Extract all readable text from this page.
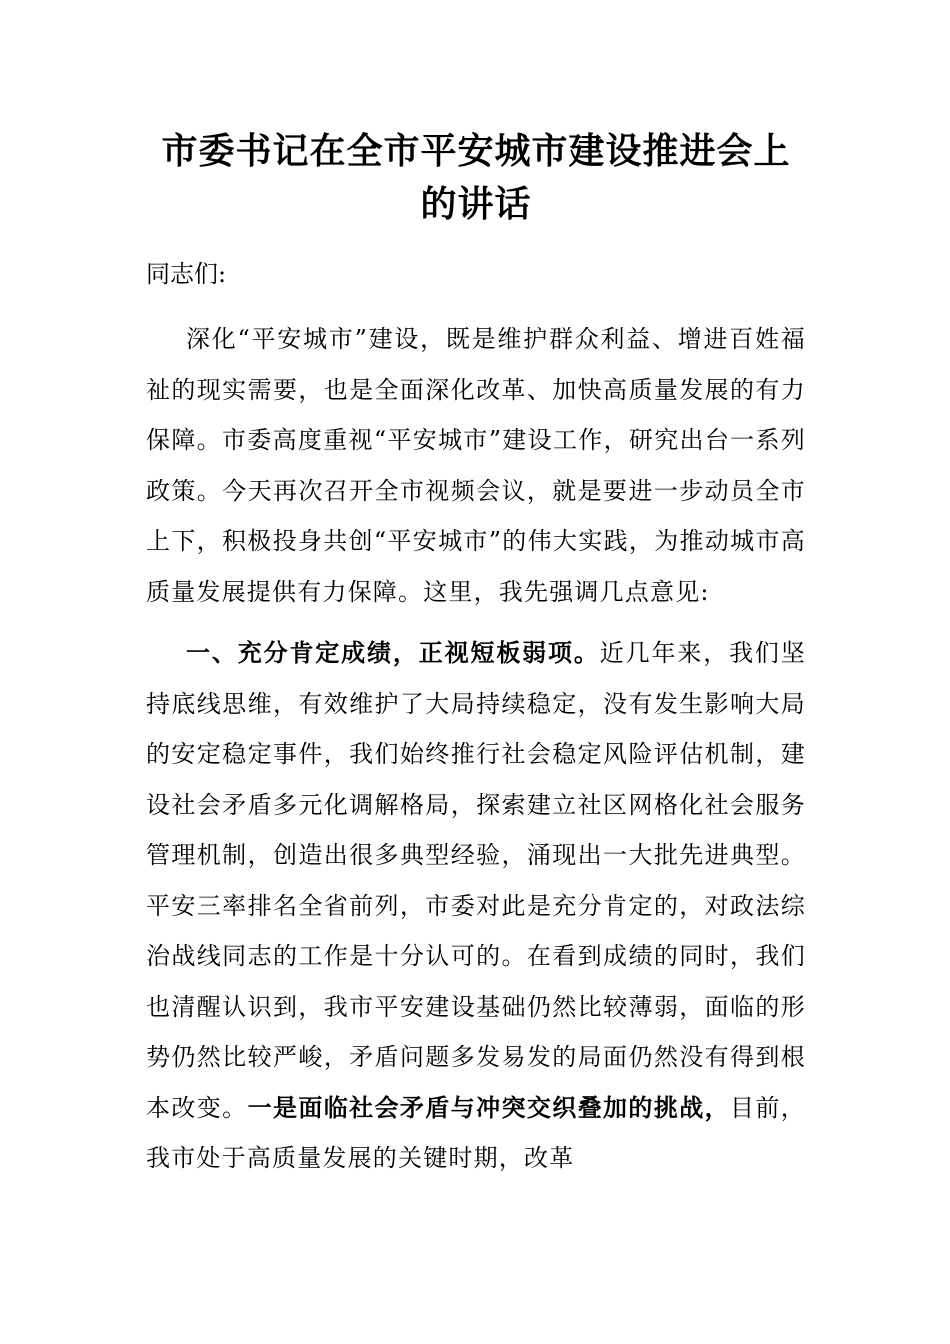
市委书记在全市平安城市建设推进会上
的讲话

同志们:

深化“平安城市”建设，既是维护群众利益、增进百姓福祉的现实需要，也是全面深化改革、加快高质量发展的有力保障。市委高度重视“平安城市”建设工作，研究出台一系列政策。今天再次召开全市视频会议，就是要进一步动员全市上下，积极投身共创“平安城市”的伟大实践，为推动城市高质量发展提供有力保障。这里，我先强调几点意见:

一、充分肯定成绩，正视短板弱项。近几年来，我们坚持底线思维，有效维护了大局持续稳定，没有发生影响大局的安定稳定事件，我们始终推行社会稳定风险评估机制，建设社会矛盾多元化调解格局，探索建立社区网格化社会服务管理机制，创造出很多典型经验，涌现出一大批先进典型。平安三率排名全省前列，市委对此是充分肯定的，对政法综治战线同志的工作是十分认可的。在看到成绩的同时，我们也清醒认识到，我市平安建设基础仍然比较薄弱，面临的形势仍然比较严峻，矛盾问题多发易发的局面仍然没有得到根本改变。一是面临社会矛盾与冲突交织叠加的挑战，目前，我市处于高质量发展的关键时期，改革
